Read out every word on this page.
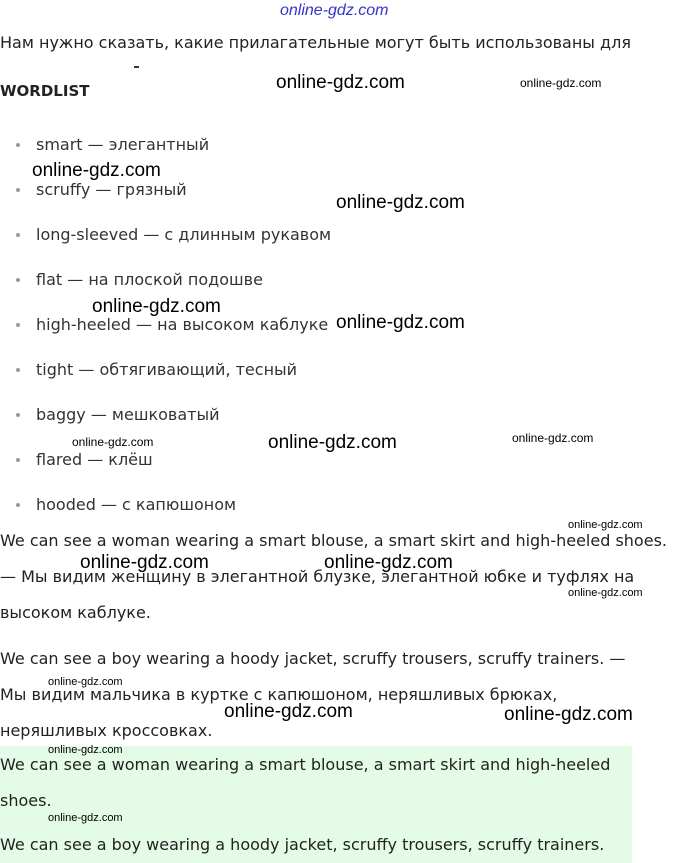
online-gdz.com
Нам нужно сказать, какие прилагательные могут быть использованы для
WORDLIST
smart — элегантный
scruffy — грязный
long-sleeved — с длинным рукавом
flat — на плоской подошве
high-heeled — на высоком каблуке
tight — обтягивающий, тесный
baggy — мешковатый
flared — клёш
hooded — с капюшоном

We can see a woman wearing a smart blouse, a smart skirt and high-heeled shoes. — Мы видим женщину в элегантной блузке, элегантной юбке и туфлях на высоком каблуке.

We can see a boy wearing a hoody jacket, scruffy trousers, scruffy trainers. — Мы видим мальчика в куртке с капюшоном, неряшливых брюках, неряшливых кроссовках.

We can see a woman wearing a smart blouse, a smart skirt and high-heeled shoes.

We can see a boy wearing a hoody jacket, scruffy trousers, scruffy trainers.

online-gdz.com	online-gdz.com
online-gdz.com
online-gdz.com
online-gdz.com
online-gdz.com
online-gdz.com	online-gdz.com	online-gdz.com
online-gdz.com
online-gdz.com	online-gdz.com
online-gdz.com
online-gdz.com
online-gdz.com	online-gdz.com
online-gdz.com
online-gdz.com
